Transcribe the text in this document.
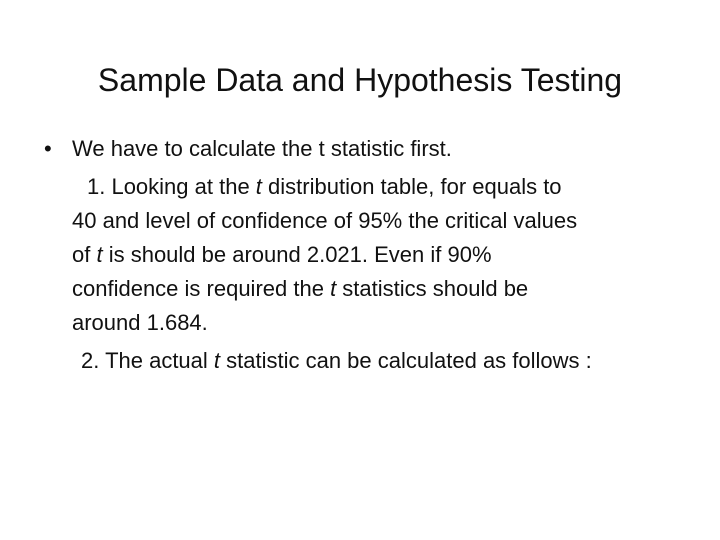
Sample Data and Hypothesis Testing
• We have to calculate the t statistic first.
1. Looking at the t distribution table, for equals to
40 and level of confidence of 95% the critical values
of t is should be around 2.021. Even if 90%
confidence is required the t statistics should be
around 1.684.
2. The actual t statistic can be calculated as follows :
